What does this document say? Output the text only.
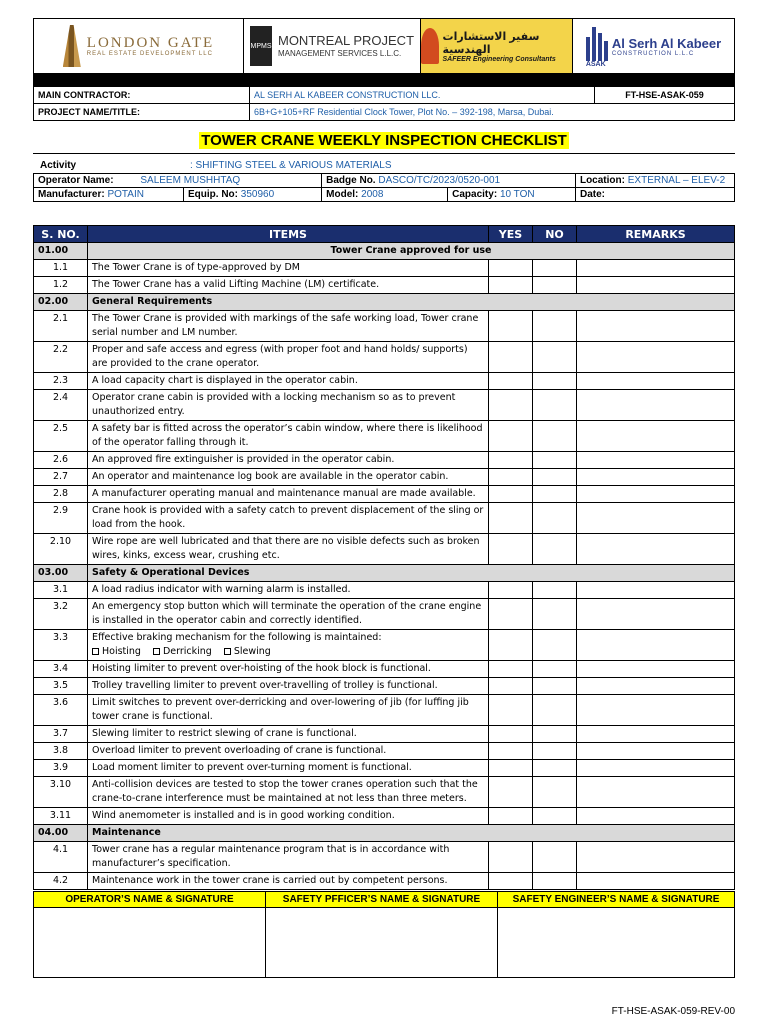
LONDON GATE
REAL ESTATE DEVELOPMENT LLC
MPMS MONTREAL PROJECT
MANAGEMENT SERVICES L.L.C.
سفير الاستشارات الهندسية
SAFEER Engineering Consultants
ASAK
Al Serh Al Kabeer
CONSTRUCTION L.L.C
MAIN CONTRACTOR:	AL SERH AL KABEER CONSTRUCTION LLC.	FT-HSE-ASAK-059
PROJECT NAME/TITLE:	6B+G+105+RF Residential Clock Tower, Plot No. – 392-198, Marsa, Dubai.	
TOWER CRANE WEEKLY INSPECTION CHECKLIST
Activity	: SHIFTING STEEL & VARIOUS MATERIALS
Operator Name: SALEEM MUSHHTAQ		Badge No. DASCO/TC/2023/0520-001		Location: EXTERNAL – ELEV-2
Manufacturer: POTAIN	Equip. No: 350960	Model: 2008	Capacity: 10 TON	Date:
S. NO.	ITEMS	YES	NO	REMARKS
01.00	Tower Crane approved for use			
1.1	The Tower Crane is of type-approved by DM			

1.2	The Tower Crane has a valid Lifting Machine (LM) certificate.			

02.00	General Requirements			
2.1	The Tower Crane is provided with markings of the safe working load, Tower crane serial number and LM number.			

2.2	Proper and safe access and egress (with proper foot and hand holds/ supports) are provided to the crane operator.			

2.3	A load capacity chart is displayed in the operator cabin.			

2.4	Operator crane cabin is provided with a locking mechanism so as to prevent unauthorized entry.			

2.5	A safety bar is fitted across the operator’s cabin window, where there is likelihood of the operator falling through it.			

2.6	An approved fire extinguisher is provided in the operator cabin.			

2.7	An operator and maintenance log book are available in the operator cabin.			

2.8	A manufacturer operating manual and maintenance manual are made available.			

2.9	Crane hook is provided with a safety catch to prevent displacement of the sling or load from the hook.			

2.10	Wire rope are well lubricated and that there are no visible defects such as broken wires, kinks, excess wear, crushing etc.			

03.00	Safety & Operational Devices			
3.1	A load radius indicator with warning alarm is installed.			

3.2	An emergency stop button which will terminate the operation of the crane engine is installed in the operator cabin and correctly identified.			

3.3	Effective braking mechanism for the following is maintained:
Hoisting Derricking Slewing			

3.4	Hoisting limiter to prevent over-hoisting of the hook block is functional.			

3.5	Trolley travelling limiter to prevent over-travelling of trolley is functional.			

3.6	Limit switches to prevent over-derricking and over-lowering of jib (for luffing jib tower crane is functional.			

3.7	Slewing limiter to restrict slewing of crane is functional.			

3.8	Overload limiter to prevent overloading of crane is functional.			

3.9	Load moment limiter to prevent over-turning moment is functional.			

3.10	Anti-collision devices are tested to stop the tower cranes operation such that the crane-to-crane interference must be maintained at not less than three meters.			

3.11	Wind anemometer is installed and is in good working condition.			

04.00	Maintenance			
4.1	Tower crane has a regular maintenance program that is in accordance with manufacturer’s specification.			

4.2	Maintenance work in the tower crane is carried out by competent persons.			

OPERATOR’S NAME & SIGNATURE	SAFETY PFFICER’S NAME & SIGNATURE	SAFETY ENGINEER’S NAME & SIGNATURE

FT-HSE-ASAK-059-REV-00
